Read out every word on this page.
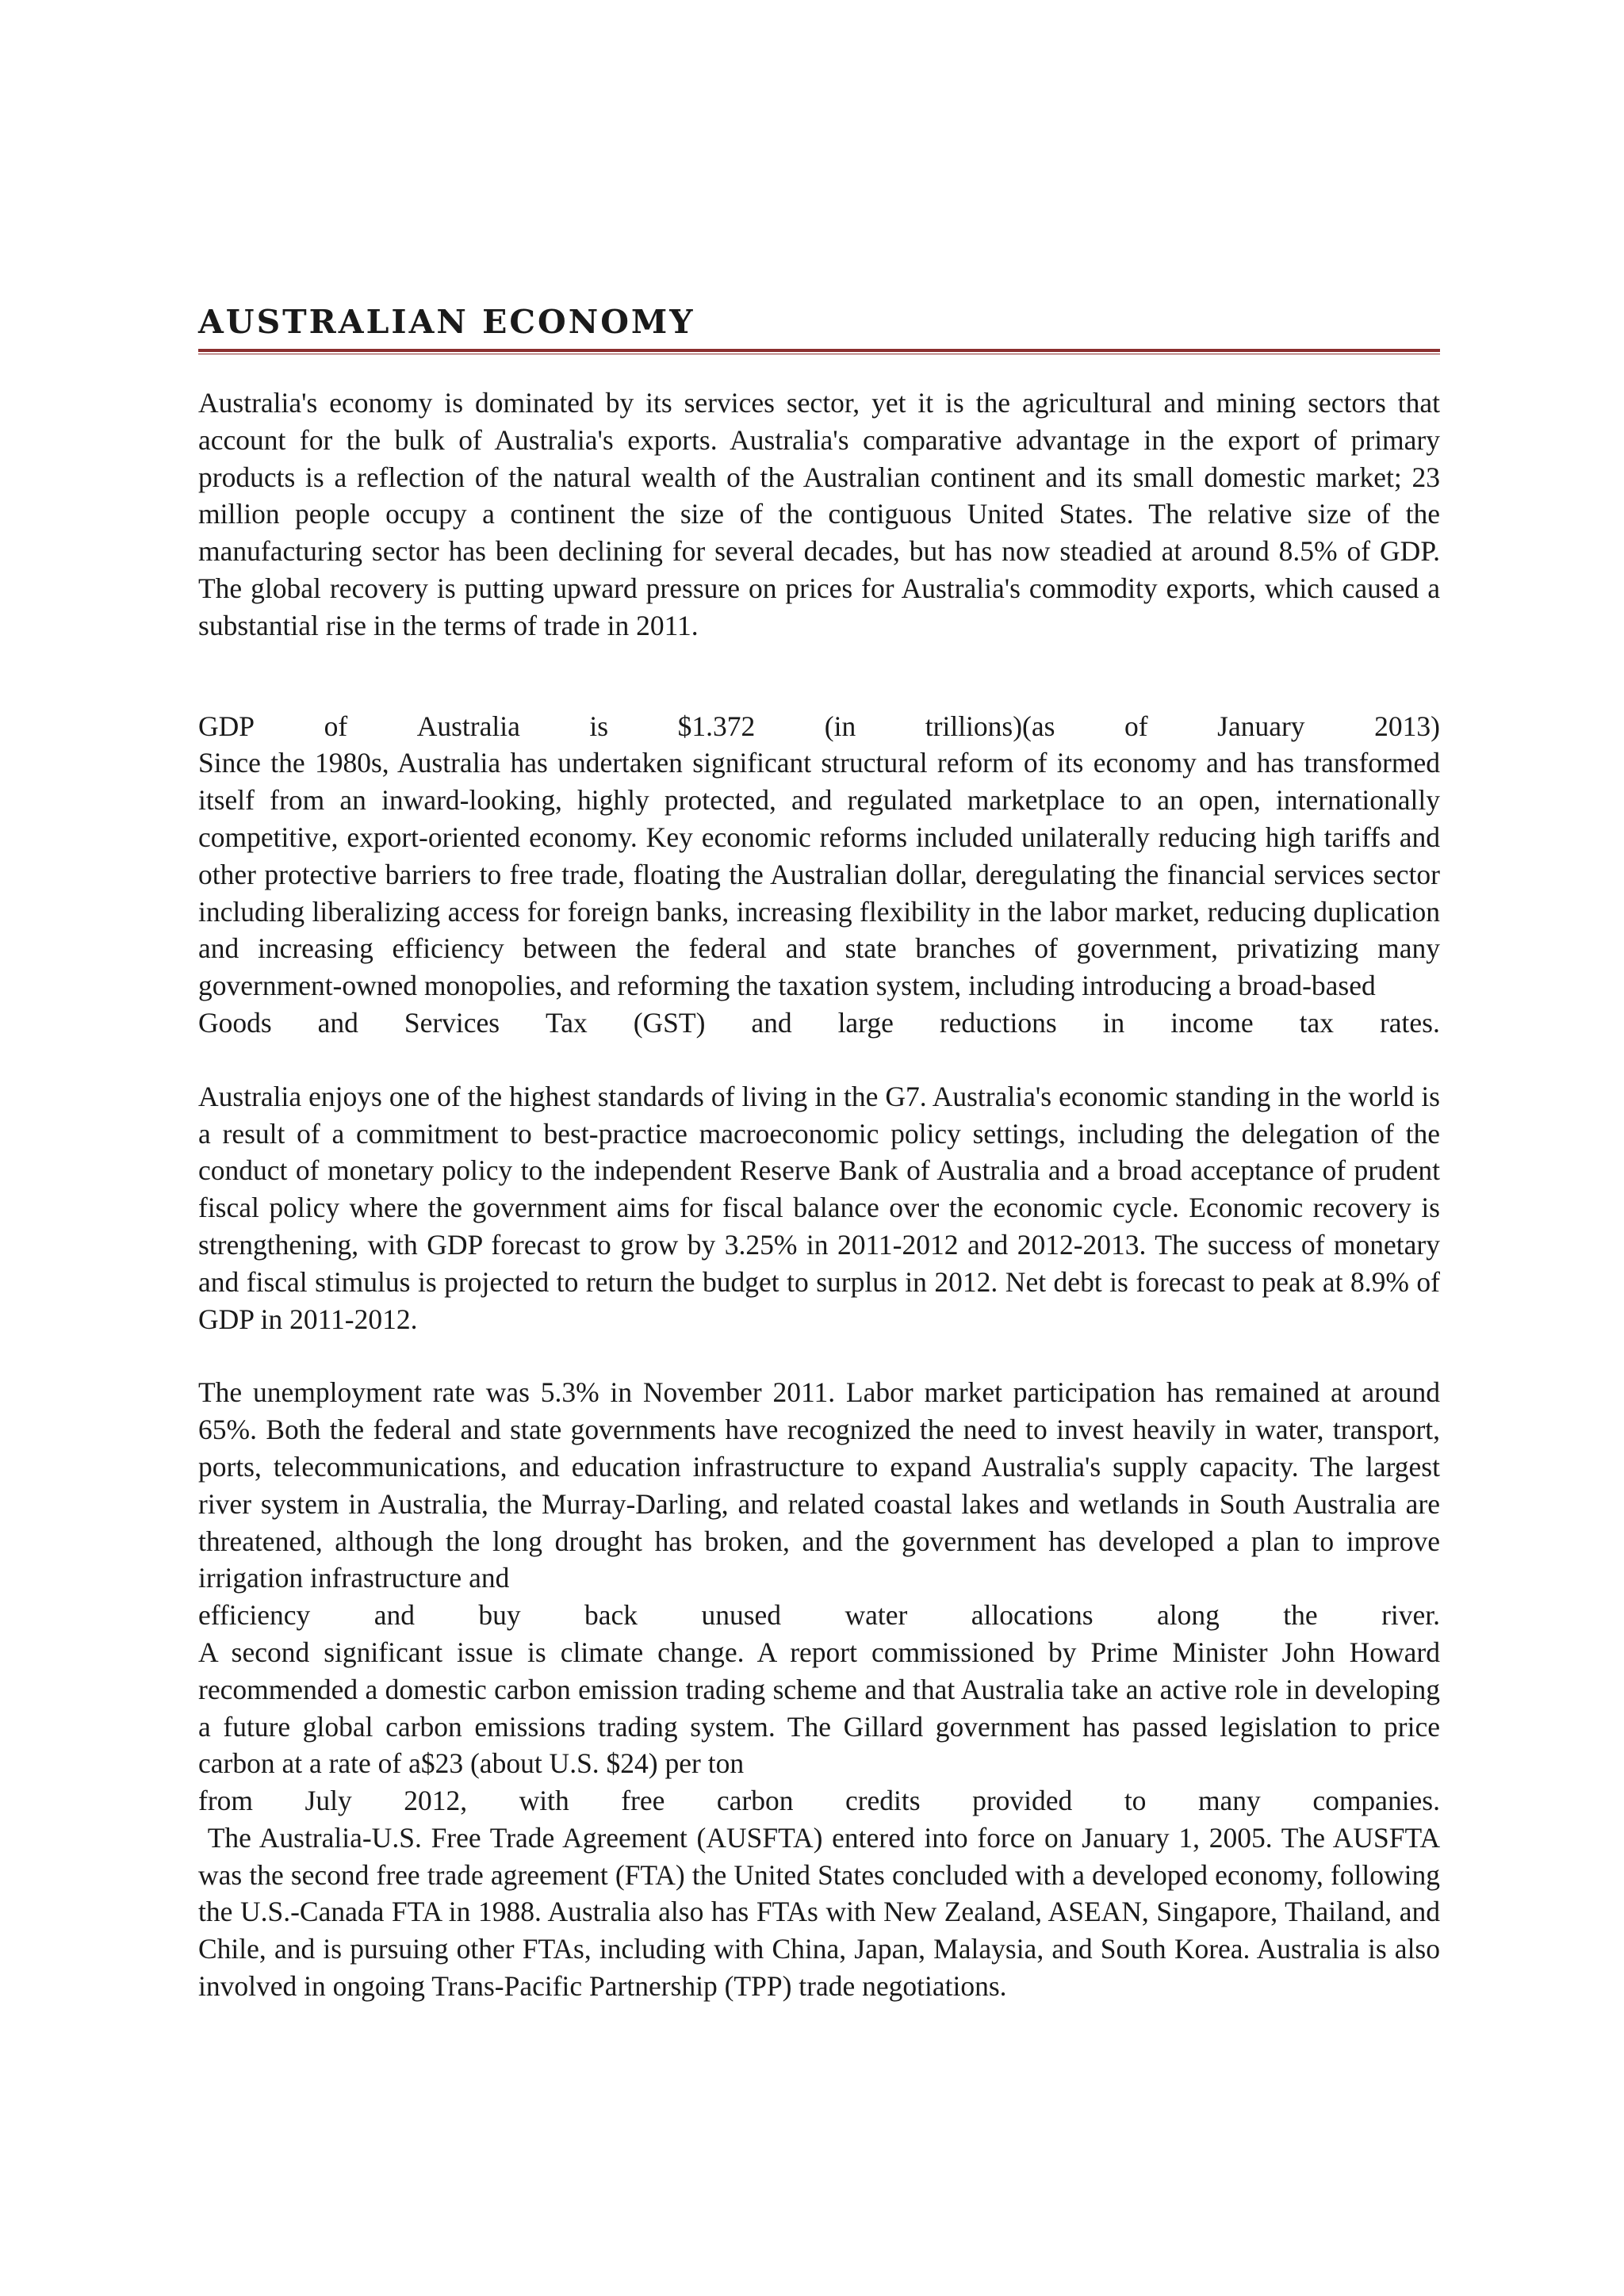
AUSTRALIAN ECONOMY

Australia's economy is dominated by its services sector, yet it is the agricultural and mining sectors that account for the bulk of Australia's exports. Australia's comparative advantage in the export of primary products is a reflection of the natural wealth of the Australian continent and its small domestic market; 23 million people occupy a continent the size of the contiguous United States. The relative size of the manufacturing sector has been declining for several decades, but has now steadied at around 8.5% of GDP. The global recovery is putting upward pressure on prices for Australia's commodity exports, which caused a substantial rise in the terms of trade in 2011.

GDP of Australia is $1.372 (in trillions)(as of January 2013)

Since the 1980s, Australia has undertaken significant structural reform of its economy and has transformed itself from an inward-looking, highly protected, and regulated marketplace to an open, internationally competitive, export-oriented economy. Key economic reforms included unilaterally reducing high tariffs and other protective barriers to free trade, floating the Australian dollar, deregulating the financial services sector including liberalizing access for foreign banks, increasing flexibility in the labor market, reducing duplication and increasing efficiency between the federal and state branches of government, privatizing many government-owned monopolies, and reforming the taxation system, including introducing a broad-based

Goods and Services Tax (GST) and large reductions in income tax rates.

Australia enjoys one of the highest standards of living in the G7. Australia's economic standing in the world is a result of a commitment to best-practice macroeconomic policy settings, including the delegation of the conduct of monetary policy to the independent Reserve Bank of Australia and a broad acceptance of prudent fiscal policy where the government aims for fiscal balance over the economic cycle. Economic recovery is strengthening, with GDP forecast to grow by 3.25% in 2011-2012 and 2012-2013. The success of monetary and fiscal stimulus is projected to return the budget to surplus in 2012. Net debt is forecast to peak at 8.9% of GDP in 2011-2012.

The unemployment rate was 5.3% in November 2011. Labor market participation has remained at around 65%. Both the federal and state governments have recognized the need to invest heavily in water, transport, ports, telecommunications, and education infrastructure to expand Australia's supply capacity. The largest river system in Australia, the Murray-Darling, and related coastal lakes and wetlands in South Australia are threatened, although the long drought has broken, and the government has developed a plan to improve irrigation infrastructure and

efficiency and buy back unused water allocations along the river.

A second significant issue is climate change. A report commissioned by Prime Minister John Howard recommended a domestic carbon emission trading scheme and that Australia take an active role in developing a future global carbon emissions trading system. The Gillard government has passed legislation to price carbon at a rate of a$23 (about U.S. $24) per ton

from July 2012, with free carbon credits provided to many companies.

The Australia-U.S. Free Trade Agreement (AUSFTA) entered into force on January 1, 2005. The AUSFTA was the second free trade agreement (FTA) the United States concluded with a developed economy, following the U.S.-Canada FTA in 1988. Australia also has FTAs with New Zealand, ASEAN, Singapore, Thailand, and Chile, and is pursuing other FTAs, including with China, Japan, Malaysia, and South Korea. Australia is also involved in ongoing Trans-Pacific Partnership (TPP) trade negotiations.
